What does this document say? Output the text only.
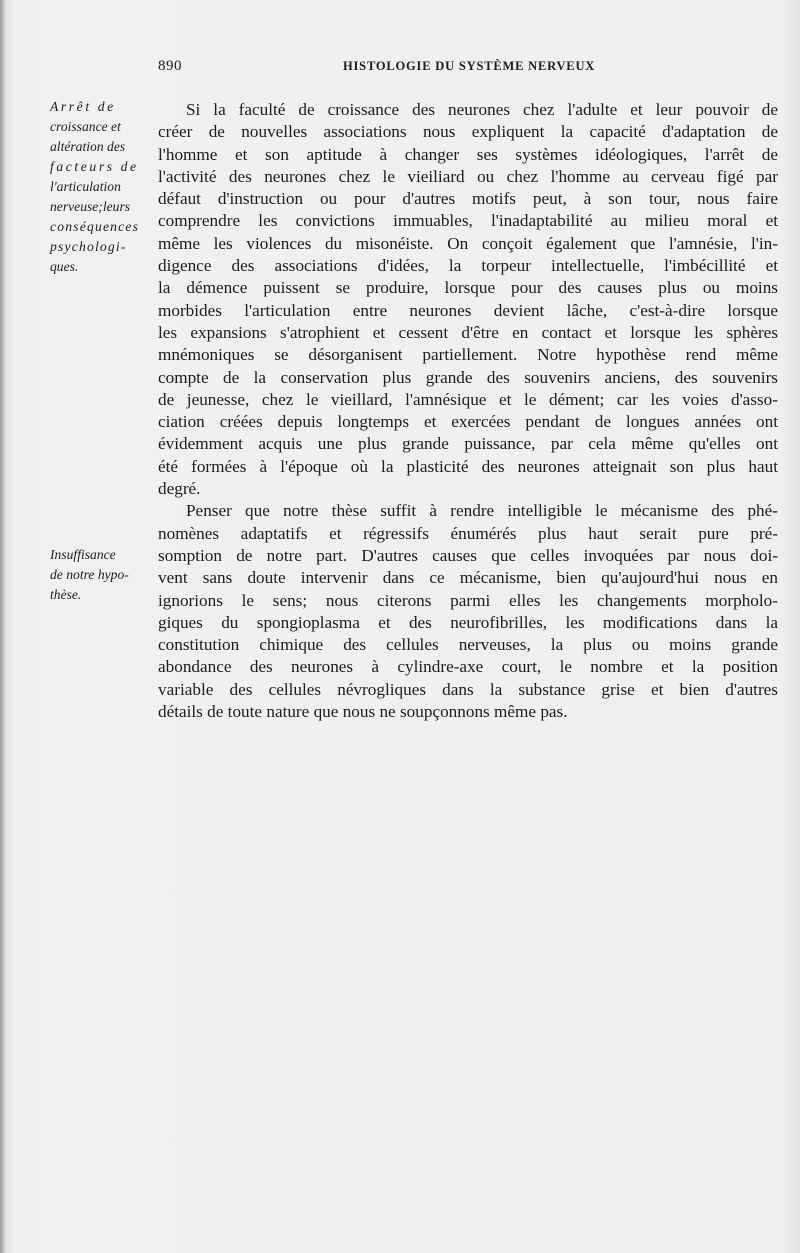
890	HISTOLOGIE DU SYSTÈME NERVEUX
Arrêt de
croissance et
altération des
facteurs de
l'articulation
nerveuse;leurs
conséquences
psychologi-
ques.
Insuffisance
de notre hypo-
thèse.
Si la faculté de croissance des neurones chez l'adulte et leur pouvoir de
créer de nouvelles associations nous expliquent la capacité d'adaptation de
l'homme et son aptitude à changer ses systèmes idéologiques, l'arrêt de
l'activité des neurones chez le vieiliard ou chez l'homme au cerveau figé par
défaut d'instruction ou pour d'autres motifs peut, à son tour, nous faire
comprendre les convictions immuables, l'inadaptabilité au milieu moral et
même les violences du misonéiste. On conçoit également que l'amnésie, l'in-
digence des associations d'idées, la torpeur intellectuelle, l'imbécillité et
la démence puissent se produire, lorsque pour des causes plus ou moins
morbides l'articulation entre neurones devient lâche, c'est-à-dire lorsque
les expansions s'atrophient et cessent d'être en contact et lorsque les sphères
mnémoniques se désorganisent partiellement. Notre hypothèse rend même
compte de la conservation plus grande des souvenirs anciens, des souvenirs
de jeunesse, chez le vieillard, l'amnésique et le dément; car les voies d'asso-
ciation créées depuis longtemps et exercées pendant de longues années ont
évidemment acquis une plus grande puissance, par cela même qu'elles ont
été formées à l'époque où la plasticité des neurones atteignait son plus haut
degré.
Penser que notre thèse suffit à rendre intelligible le mécanisme des phé-
nomènes adaptatifs et régressifs énumérés plus haut serait pure pré-
somption de notre part. D'autres causes que celles invoquées par nous doi-
vent sans doute intervenir dans ce mécanisme, bien qu'aujourd'hui nous en
ignorions le sens; nous citerons parmi elles les changements morpholo-
giques du spongioplasma et des neurofibrilles, les modifications dans la
constitution chimique des cellules nerveuses, la plus ou moins grande
abondance des neurones à cylindre-axe court, le nombre et la position
variable des cellules névrogliques dans la substance grise et bien d'autres
détails de toute nature que nous ne soupçonnons même pas.
